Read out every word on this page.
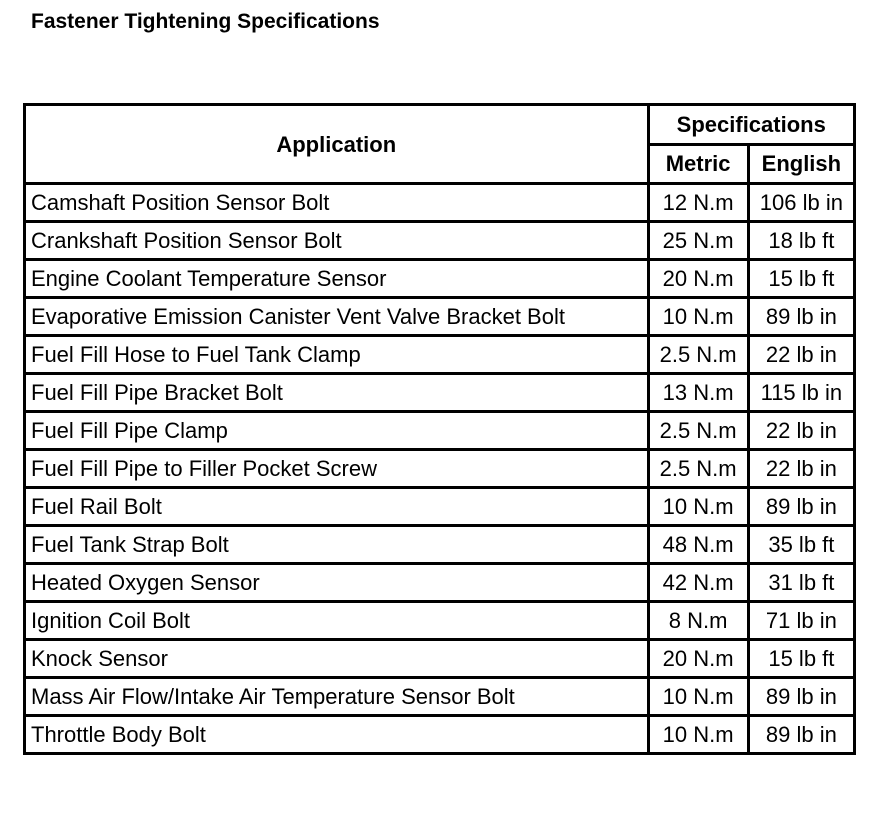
Fastener Tightening Specifications
Application	Specifications	
	Metric	English
Camshaft Position Sensor Bolt	12 N.m	106 lb in
Crankshaft Position Sensor Bolt	25 N.m	18 lb ft
Engine Coolant Temperature Sensor	20 N.m	15 lb ft
Evaporative Emission Canister Vent Valve Bracket Bolt	10 N.m	89 lb in
Fuel Fill Hose to Fuel Tank Clamp	2.5 N.m	22 lb in
Fuel Fill Pipe Bracket Bolt	13 N.m	115 lb in
Fuel Fill Pipe Clamp	2.5 N.m	22 lb in
Fuel Fill Pipe to Filler Pocket Screw	2.5 N.m	22 lb in
Fuel Rail Bolt	10 N.m	89 lb in
Fuel Tank Strap Bolt	48 N.m	35 lb ft
Heated Oxygen Sensor	42 N.m	31 lb ft
Ignition Coil Bolt	8 N.m	71 lb in
Knock Sensor	20 N.m	15 lb ft
Mass Air Flow/Intake Air Temperature Sensor Bolt	10 N.m	89 lb in
Throttle Body Bolt	10 N.m	89 lb in
